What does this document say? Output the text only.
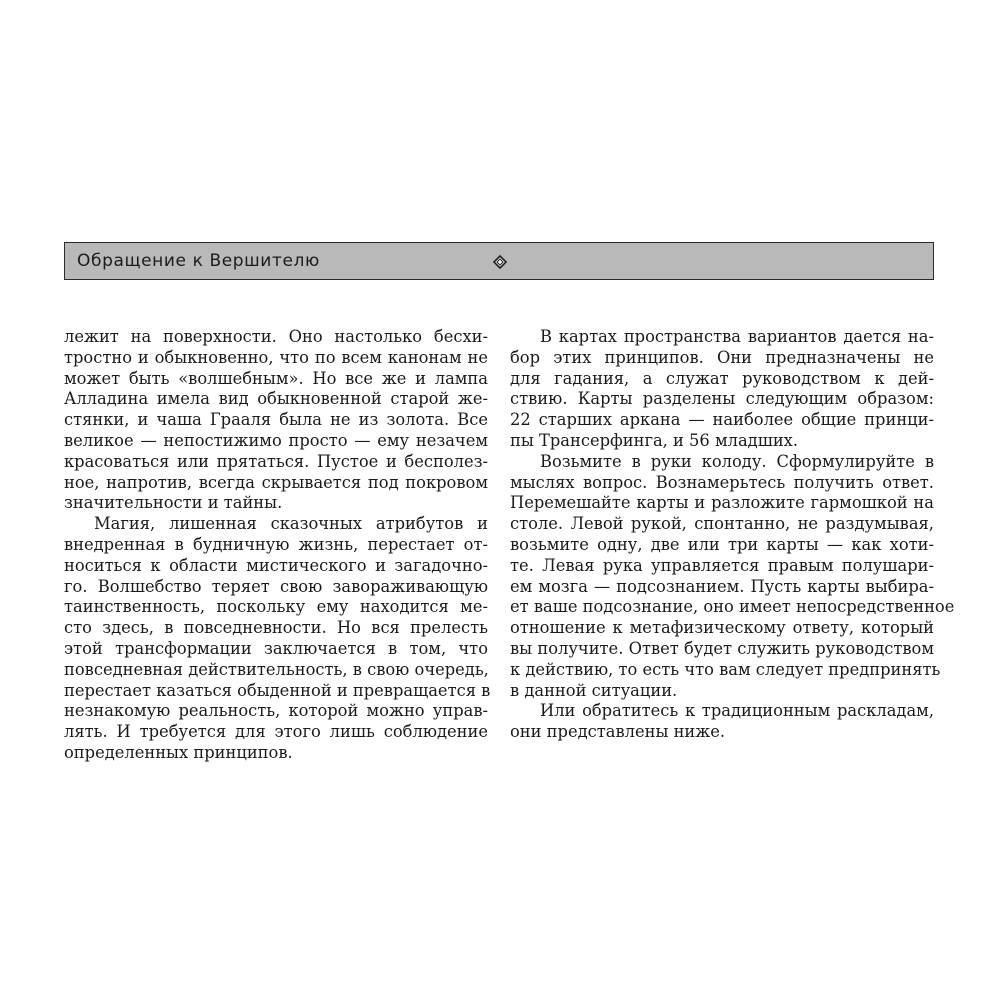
Обращение к Вершителю

лежит на поверхности. Оно настолько бесхи-
тростно и обыкновенно, что по всем канонам не
может быть «волшебным». Но все же и лампа
Алладина имела вид обыкновенной старой же-
стянки, и чаша Грааля была не из золота. Все
великое — непостижимо просто — ему незачем
красоваться или прятаться. Пустое и бесполез-
ное, напротив, всегда скрывается под покровом
значительности и тайны.

Магия, лишенная сказочных атрибутов и
внедренная в будничную жизнь, перестает от-
носиться к области мистического и загадочно-
го. Волшебство теряет свою завораживающую
таинственность, поскольку ему находится ме-
сто здесь, в повседневности. Но вся прелесть
этой трансформации заключается в том, что
повседневная действительность, в свою очередь,
перестает казаться обыденной и превращается в
незнакомую реальность, которой можно управ-
лять. И требуется для этого лишь соблюдение
определенных принципов.

В картах пространства вариантов дается на-
бор этих принципов. Они предназначены не
для гадания, а служат руководством к дей-
ствию. Карты разделены следующим образом:
22 старших аркана — наиболее общие принци-
пы Трансерфинга, и 56 младших.

Возьмите в руки колоду. Сформулируйте в
мыслях вопрос. Вознамерьтесь получить ответ.
Перемешайте карты и разложите гармошкой на
столе. Левой рукой, спонтанно, не раздумывая,
возьмите одну, две или три карты — как хоти-
те. Левая рука управляется правым полушари-
ем мозга — подсознанием. Пусть карты выбира-
ет ваше подсознание, оно имеет непосредственное
отношение к метафизическому ответу, который
вы получите. Ответ будет служить руководством
к действию, то есть что вам следует предпринять
в данной ситуации.

Или обратитесь к традиционным раскладам,
они представлены ниже.
